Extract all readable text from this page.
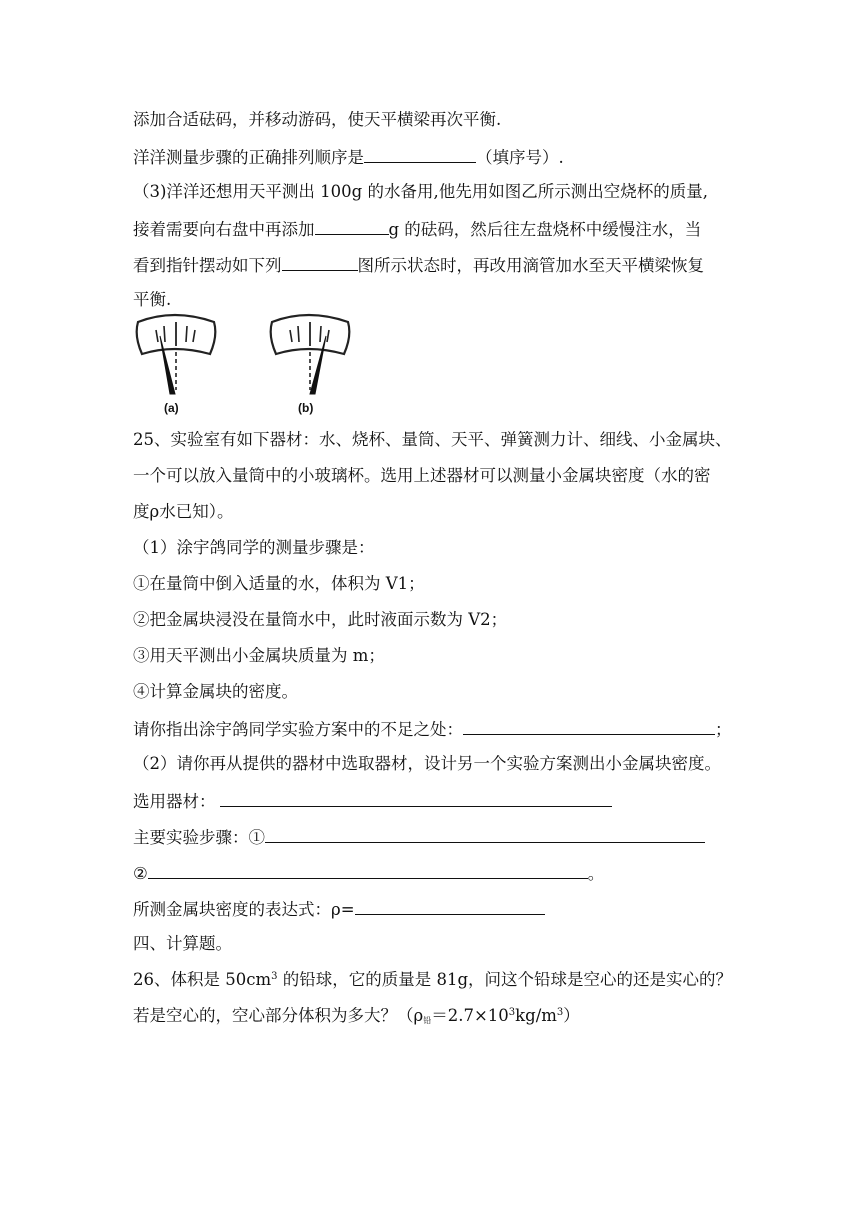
添加合适砝码，并移动游码，使天平横梁再次平衡.
洋洋测量步骤的正确排列顺序是	（填序号）.
（3)洋洋还想用天平测出 100g 的水备用,他先用如图乙所示测出空烧杯的质量,
接着需要向右盘中再添加	g 的砝码，然后往左盘烧杯中缓慢注水，当
看到指针摆动如下列	图所示状态时，再改用滴管加水至天平横梁恢复
平衡.
(a)	(b)
25、实验室有如下器材：水、烧杯、量筒、天平、弹簧测力计、细线、小金属块、
一个可以放入量筒中的小玻璃杯。选用上述器材可以测量小金属块密度（水的密
度ρ水已知）。
（1）涂宇鸽同学的测量步骤是：
①在量筒中倒入适量的水，体积为 V1；
②把金属块浸没在量筒水中，此时液面示数为 V2；
③用天平测出小金属块质量为 m；
④计算金属块的密度。
请你指出涂宇鸽同学实验方案中的不足之处：	；
（2）请你再从提供的器材中选取器材，设计另一个实验方案测出小金属块密度。
选用器材：
主要实验步骤：①
②	。
所测金属块密度的表达式：ρ=
四、计算题。
26、体积是 $50cm^3$ 的铅球，它的质量是 81g，问这个铅球是空心的还是实心的？
若是空心的，空心部分体积为多大？$(\rho_铅=2.7\times 10^3kg/m^3)$
